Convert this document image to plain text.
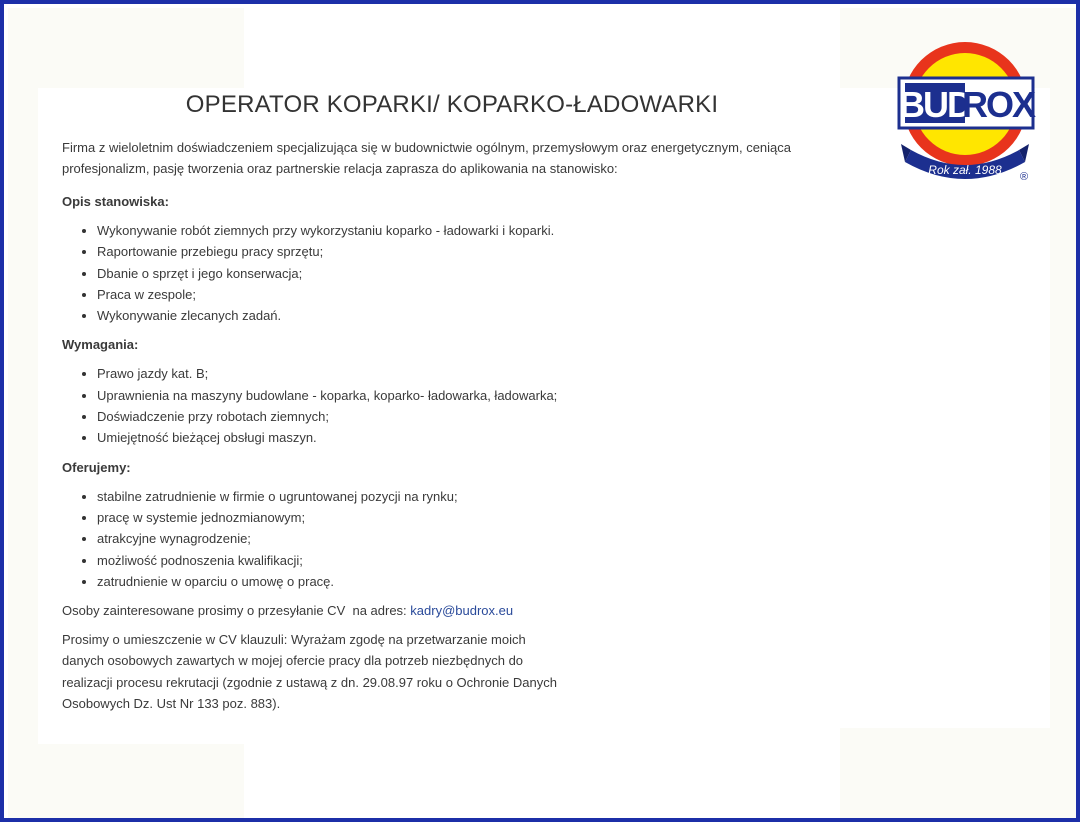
OPERATOR KOPARKI/ KOPARKO-ŁADOWARKI

Firma z wieloletnim doświadczeniem specjalizująca się w budownictwie ogólnym, przemysłowym oraz energetycznym, ceniąca profesjonalizm, pasję tworzenia oraz partnerskie relacja zaprasza do aplikowania na stanowisko:

Opis stanowiska:

• Wykonywanie robót ziemnych przy wykorzystaniu koparko - ładowarki i koparki.
• Raportowanie przebiegu pracy sprzętu;
• Dbanie o sprzęt i jego konserwacja;
• Praca w zespole;
• Wykonywanie zlecanych zadań.

Wymagania:

• Prawo jazdy kat. B;
• Uprawnienia na maszyny budowlane - koparka, koparko- ładowarka, ładowarka;
• Doświadczenie przy robotach ziemnych;
• Umiejętność bieżącej obsługi maszyn.

Oferujemy:

• stabilne zatrudnienie w firmie o ugruntowanej pozycji na rynku;
• pracę w systemie jednozmianowym;
• atrakcyjne wynagrodzenie;
• możliwość podnoszenia kwalifikacji;
• zatrudnienie w oparciu o umowę o pracę.

Osoby zainteresowane prosimy o przesyłanie CV  na adres: kadry@budrox.eu

Prosimy o umieszczenie w CV klauzuli: Wyrażam zgodę na przetwarzanie moich danych osobowych zawartych w mojej ofercie pracy dla potrzeb niezbędnych do realizacji procesu rekrutacji (zgodnie z ustawą z dn. 29.08.97 roku o Ochronie Danych Osobowych Dz. Ust Nr 133 poz. 883).

BUD
ROX
Rok zał. 1988 ®
